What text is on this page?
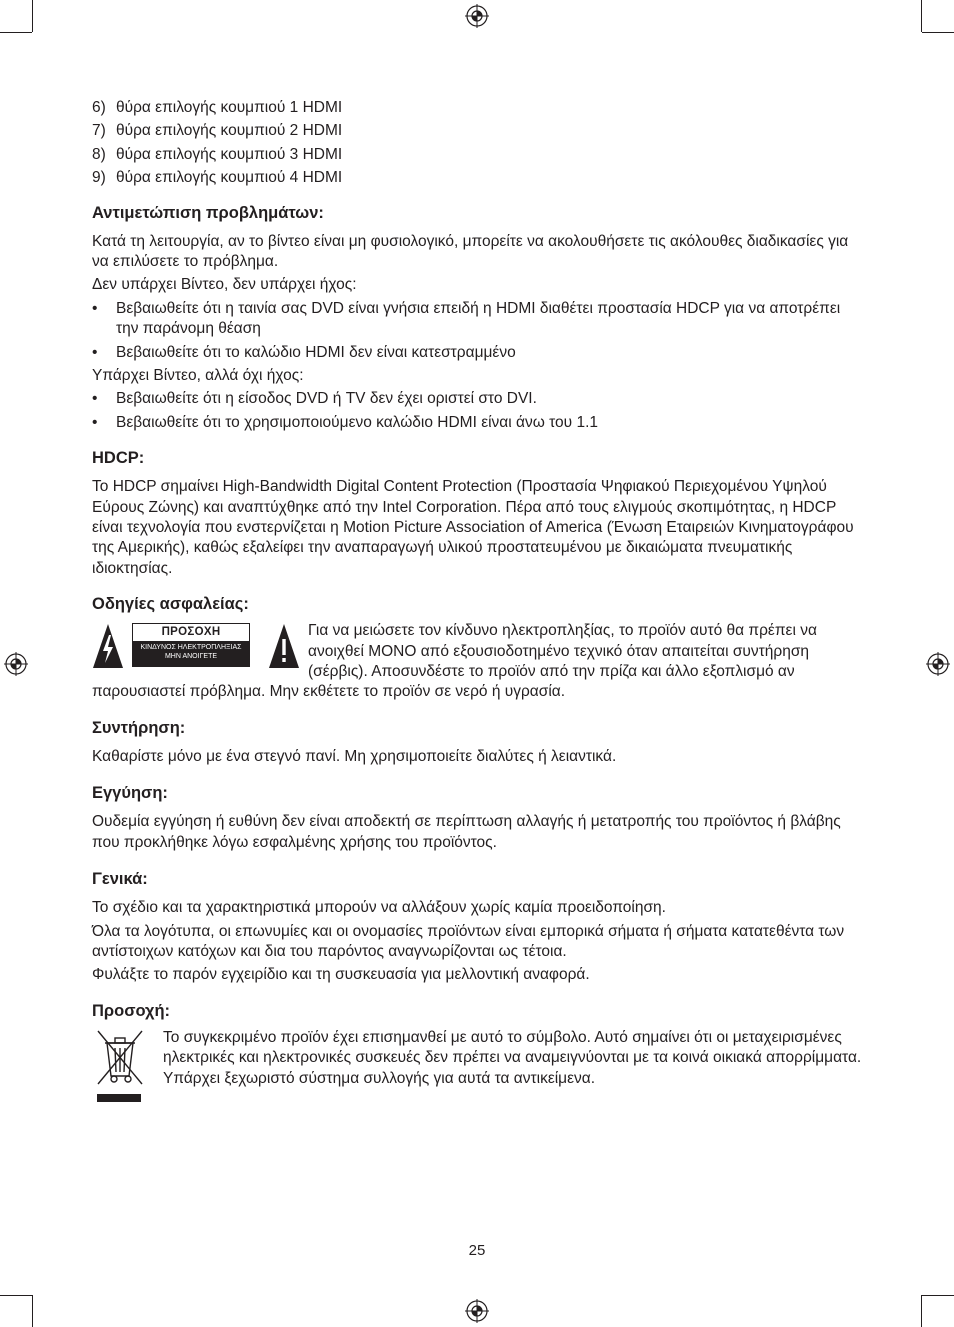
6) θύρα επιλογής κουμπιού 1 HDMI
7) θύρα επιλογής κουμπιού 2 HDMI
8) θύρα επιλογής κουμπιού 3 HDMI
9) θύρα επιλογής κουμπιού 4 HDMI
Αντιμετώπιση προβλημάτων:

Κατά τη λειτουργία, αν το βίντεο είναι μη φυσιολογικό, μπορείτε να ακολουθήσετε τις ακόλουθες διαδικασίες για να επιλύσετε το πρόβλημα.

Δεν υπάρχει Βίντεο, δεν υπάρχει ήχος:

• Βεβαιωθείτε ότι η ταινία σας DVD είναι γνήσια επειδή η HDMI διαθέτει προστασία HDCP για να αποτρέπει την παράνομη θέαση
• Βεβαιωθείτε ότι το καλώδιο HDMI δεν είναι κατεστραμμένο

Υπάρχει Βίντεο, αλλά όχι ήχος:

• Βεβαιωθείτε ότι η είσοδος DVD ή TV δεν έχει οριστεί στο DVI.
• Βεβαιωθείτε ότι το χρησιμοποιούμενο καλώδιο HDMI είναι άνω του 1.1
HDCP:

Το HDCP σημαίνει High-Bandwidth Digital Content Protection (Προστασία Ψηφιακού Περιεχομένου Υψηλού Εύρους Ζώνης) και αναπτύχθηκε από την Intel Corporation. Πέρα από τους ελιγμούς σκοπιμότητας, η HDCP είναι τεχνολογία που ενστερνίζεται η Motion Picture Association of America (Ένωση Εταιρειών Κινηματογράφου της Αμερικής), καθώς εξαλείφει την αναπαραγωγή υλικού προστατευμένου με δικαιώματα πνευματικής ιδιοκτησίας.

Οδηγίες ασφαλείας:
ΠΡΟΣΟΧΗ
ΚΙΝΔΥΝΟΣ ΗΛΕΚΤΡΟΠΛΗΞΙΑΣ
ΜΗΝ ΑΝΟΙΓΕΤΕ

Για να μειώσετε τον κίνδυνο ηλεκτροπληξίας, το προϊόν αυτό θα πρέπει να ανοιχθεί ΜΟΝΟ από εξουσιοδοτημένο τεχνικό όταν απαιτείται συντήρηση (σέρβις). Αποσυνδέστε το προϊόν από την πρίζα και άλλο εξοπλισμό αν παρουσιαστεί πρόβλημα. Μην εκθέτετε το προϊόν σε νερό ή υγρασία.

Συντήρηση:

Καθαρίστε μόνο με ένα στεγνό πανί. Μη χρησιμοποιείτε διαλύτες ή λειαντικά.

Εγγύηση:

Ουδεμία εγγύηση ή ευθύνη δεν είναι αποδεκτή σε περίπτωση αλλαγής ή μετατροπής του προϊόντος ή βλάβης που προκλήθηκε λόγω εσφαλμένης χρήσης του προϊόντος.

Γενικά:

Το σχέδιο και τα χαρακτηριστικά μπορούν να αλλάξουν χωρίς καμία προειδοποίηση.

Όλα τα λογότυπα, οι επωνυμίες και οι ονομασίες προϊόντων είναι εμπορικά σήματα ή σήματα κατατεθέντα των αντίστοιχων κατόχων και δια του παρόντος αναγνωρίζονται ως τέτοια.

Φυλάξτε το παρόν εγχειρίδιο και τη συσκευασία για μελλοντική αναφορά.

Προσοχή:

Το συγκεκριμένο προϊόν έχει επισημανθεί με αυτό το σύμβολο. Αυτό σημαίνει ότι οι μεταχειρισμένες ηλεκτρικές και ηλεκτρονικές συσκευές δεν πρέπει να αναμειγνύονται με τα κοινά οικιακά απορρίμματα. Υπάρχει ξεχωριστό σύστημα συλλογής για αυτά τα αντικείμενα.

25
